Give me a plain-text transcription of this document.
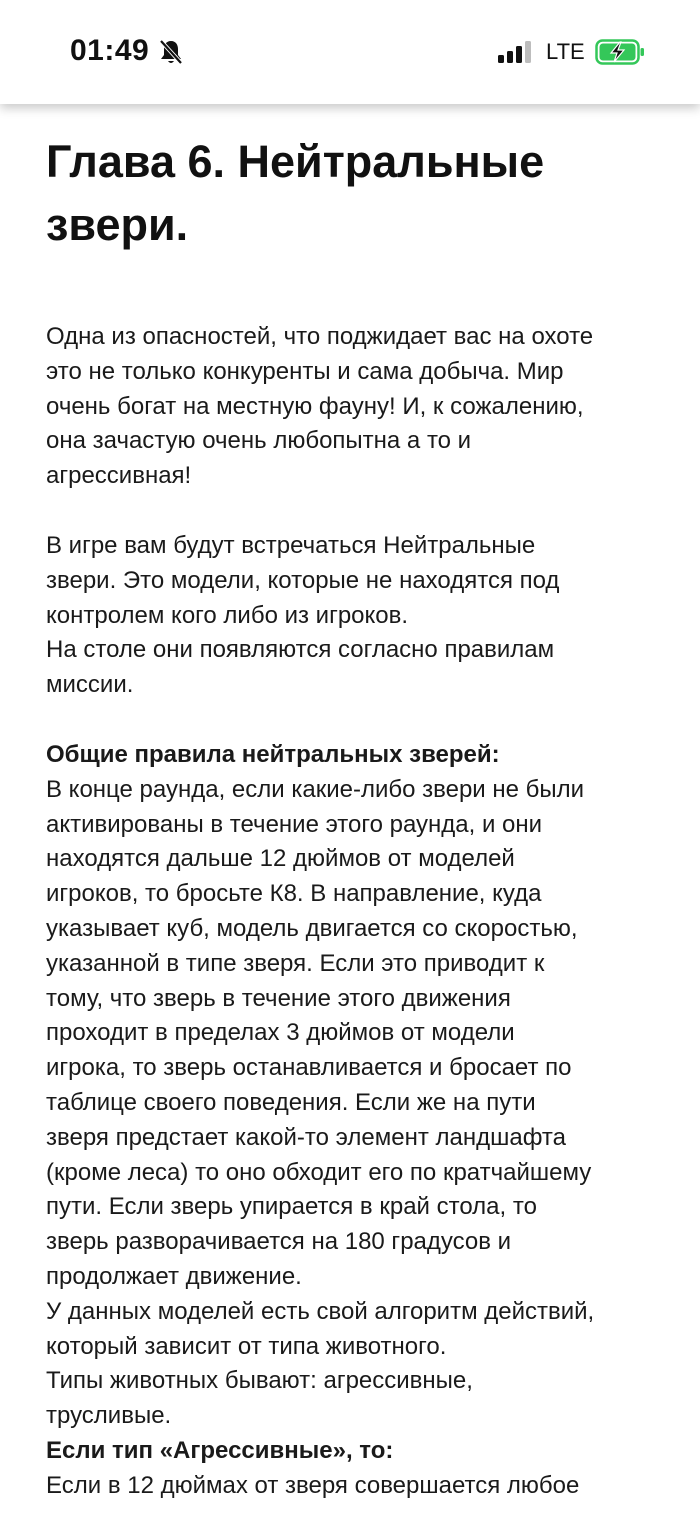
01:49	LTE
Глава 6. Нейтральные
звери.
Одна из опасностей, что поджидает вас на охоте
это не только конкуренты и сама добыча. Мир
очень богат на местную фауну! И, к сожалению,
она зачастую очень любопытна а то и
агрессивная!
В игре вам будут встречаться Нейтральные
звери. Это модели, которые не находятся под
контролем кого либо из игроков.
На столе они появляются согласно правилам
миссии.
Общие правила нейтральных зверей:
В конце раунда, если какие-либо звери не были
активированы в течение этого раунда, и они
находятся дальше 12 дюймов от моделей
игроков, то бросьте К8. В направление, куда
указывает куб, модель двигается со скоростью,
указанной в типе зверя. Если это приводит к
тому, что зверь в течение этого движения
проходит в пределах 3 дюймов от модели
игрока, то зверь останавливается и бросает по
таблице своего поведения. Если же на пути
зверя предстает какой-то элемент ландшафта
(кроме леса) то оно обходит его по кратчайшему
пути. Если зверь упирается в край стола, то
зверь разворачивается на 180 градусов и
продолжает движение.
У данных моделей есть свой алгоритм действий,
который зависит от типа животного.
Типы животных бывают: агрессивные,
трусливые.
Если тип «Агрессивные», то:
Если в 12 дюймах от зверя совершается любое
